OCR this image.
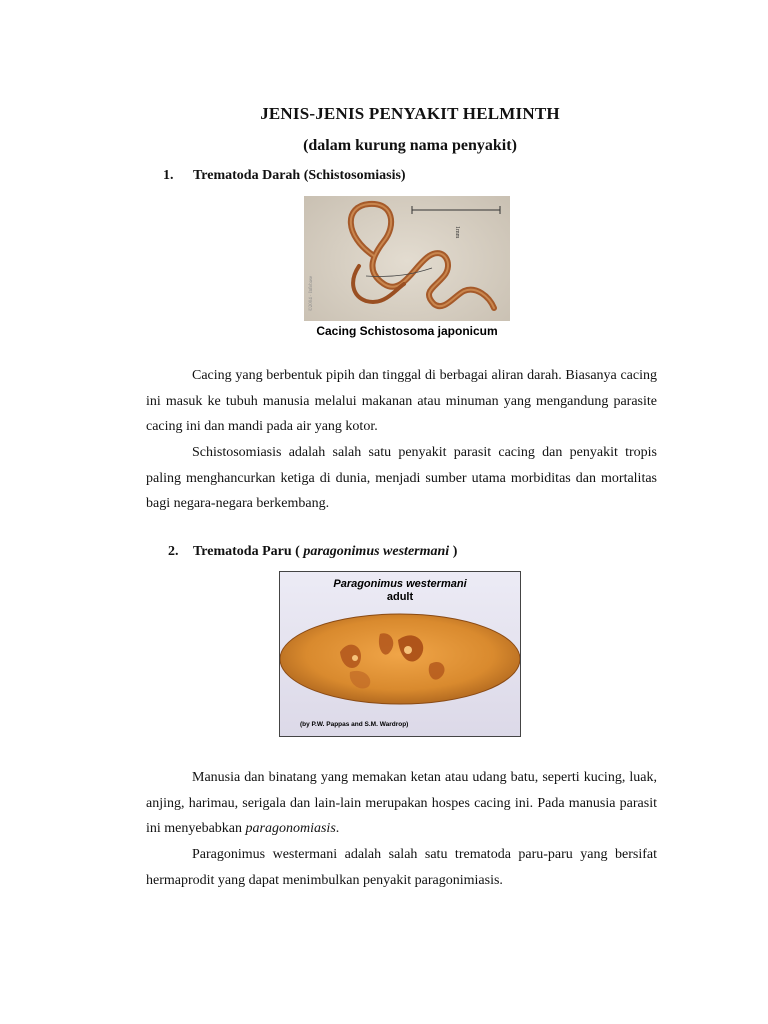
JENIS-JENIS PENYAKIT HELMINTH
(dalam kurung nama penyakit)
1. Trematoda Darah (Schistosomiasis)
1mm
©2004 · Infobase
Cacing Schistosoma japonicum

Cacing yang berbentuk pipih dan tinggal di berbagai aliran darah. Biasanya cacing ini masuk ke tubuh manusia melalui makanan atau minuman yang mengandung parasite cacing ini dan mandi pada air yang kotor.

Schistosomiasis adalah salah satu penyakit parasit cacing dan penyakit tropis paling menghancurkan ketiga di dunia, menjadi sumber utama morbiditas dan mortalitas bagi negara-negara berkembang.

2. Trematoda Paru ( paragonimus westermani )
Paragonimus westermani
adult
(by P.W. Pappas and S.M. Wardrop)

Manusia dan binatang yang memakan ketan atau udang batu, seperti kucing, luak, anjing, harimau, serigala dan lain-lain merupakan hospes cacing ini. Pada manusia parasit ini menyebabkan paragonomiasis.

Paragonimus westermani adalah salah satu trematoda paru-paru yang bersifat hermaprodit yang dapat menimbulkan penyakit paragonimiasis.
